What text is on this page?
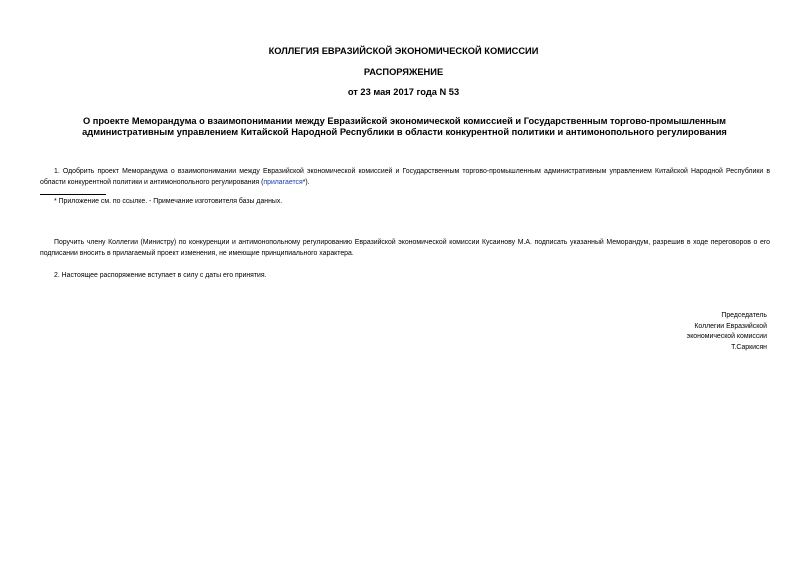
КОЛЛЕГИЯ ЕВРАЗИЙСКОЙ ЭКОНОМИЧЕСКОЙ КОМИССИИ
РАСПОРЯЖЕНИЕ
от 23 мая 2017 года N 53
О проекте Меморандума о взаимопонимании между Евразийской экономической комиссией и Государственным торгово-промышленным административным управлением Китайской Народной Республики в области конкурентной политики и антимонопольного регулирования
1. Одобрить проект Меморандума о взаимопонимании между Евразийской экономической комиссией и Государственным торгово-промышленным административным управлением Китайской Народной Республики в области конкурентной политики и антимонопольного регулирования (прилагается*).
* Приложение см. по ссылке. - Примечание изготовителя базы данных.
Поручить члену Коллегии (Министру) по конкуренции и антимонопольному регулированию Евразийской экономической комиссии Кусаинову М.А. подписать указанный Меморандум, разрешив в ходе переговоров о его подписании вносить в прилагаемый проект изменения, не имеющие принципиального характера.
2. Настоящее распоряжение вступает в силу с даты его принятия.
Председатель
Коллегии Евразийской
экономической комиссии
Т.Саркисян
